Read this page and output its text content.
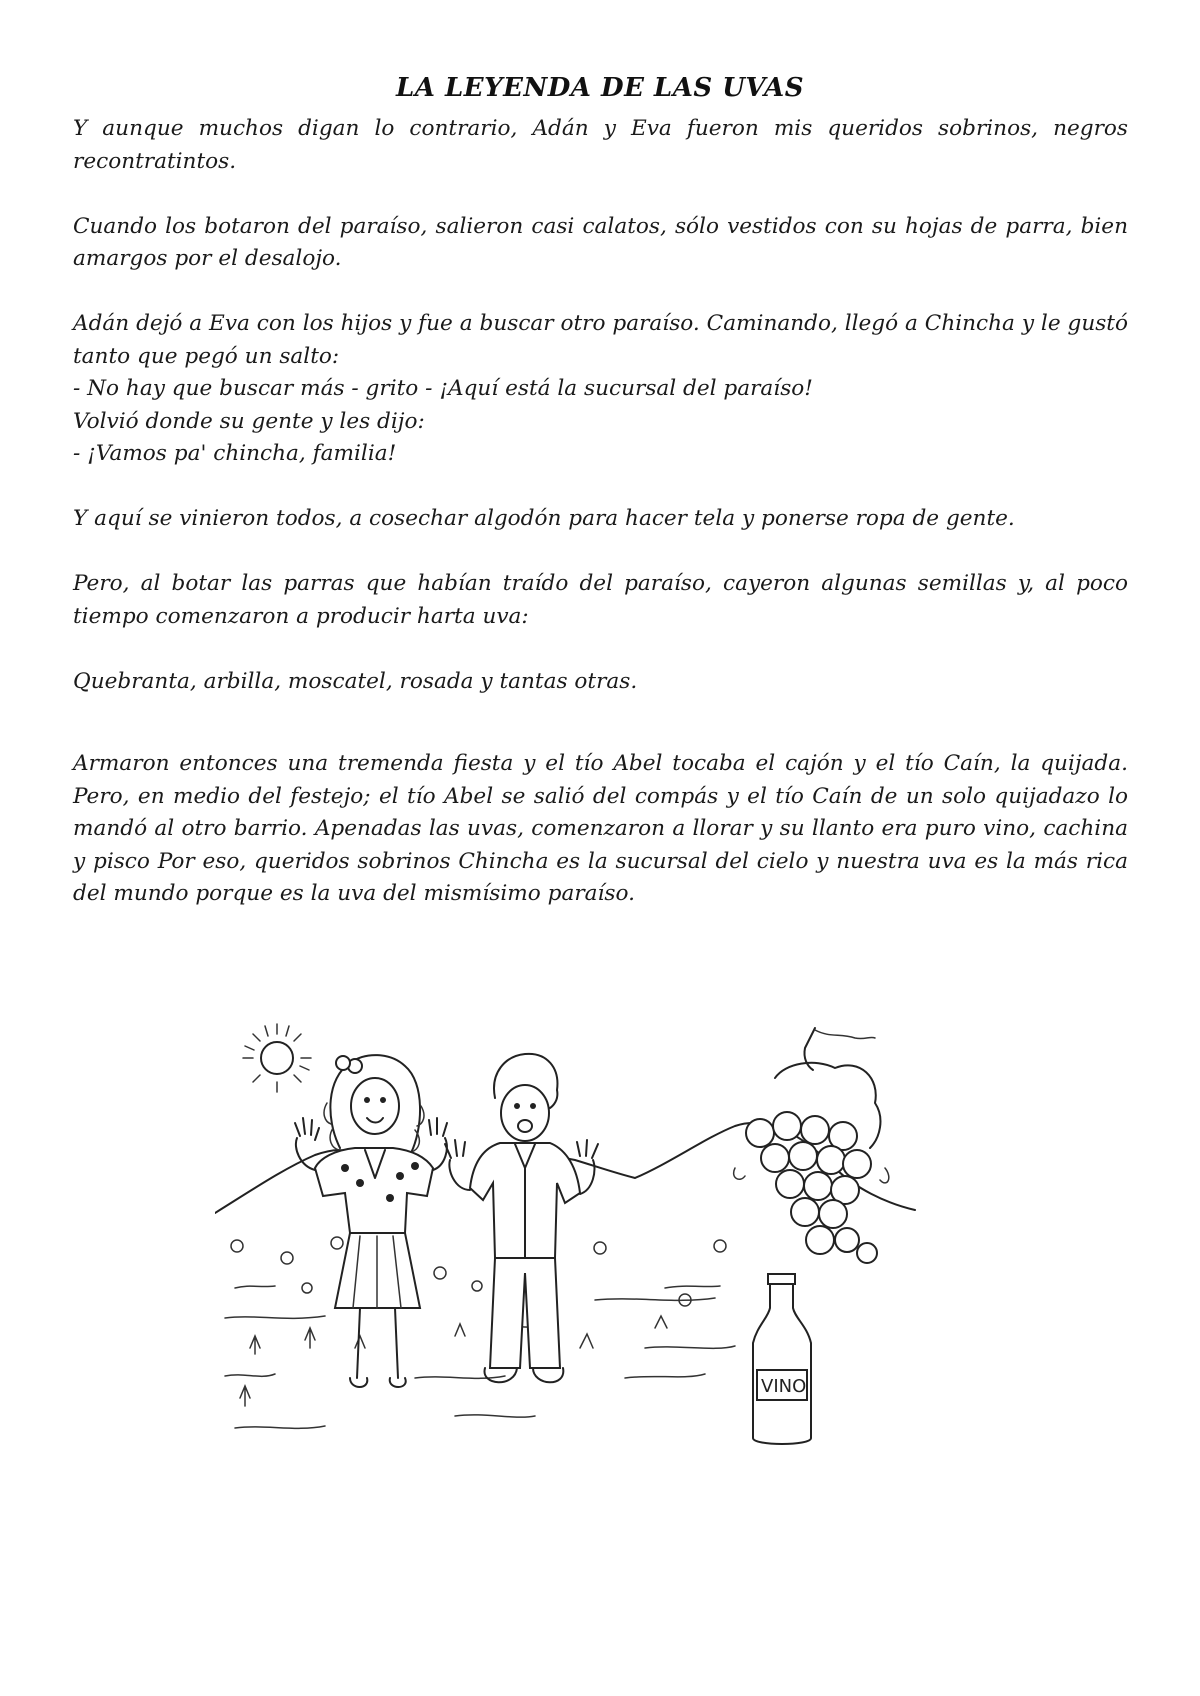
LA LEYENDA DE LAS UVAS

Y aunque muchos digan lo contrario, Adán y Eva fueron mis queridos sobrinos, negros recontratintos.

Cuando los botaron del paraíso, salieron casi calatos, sólo vestidos con su hojas de parra, bien amargos por el desalojo.

Adán dejó a Eva con los hijos y fue a buscar otro paraíso. Caminando, llegó a Chincha y le gustó tanto que pegó un salto:

- No hay que buscar más - grito - ¡Aquí está la sucursal del paraíso!

Volvió donde su gente y les dijo:

- ¡Vamos pa' chincha, familia!

Y aquí se vinieron todos, a cosechar algodón para hacer tela y ponerse ropa de gente.

Pero, al botar las parras que habían traído del paraíso, cayeron algunas semillas y, al poco tiempo comenzaron a producir harta uva:

Quebranta, arbilla, moscatel, rosada y tantas otras.

Armaron entonces una tremenda fiesta y el tío Abel tocaba el cajón y el tío Caín, la quijada. Pero, en medio del festejo; el tío Abel se salió del compás y el tío Caín de un solo quijadazo lo mandó al otro barrio. Apenadas las uvas, comenzaron a llorar y su llanto era puro vino, cachina y pisco Por eso, queridos sobrinos Chincha es la sucursal del cielo y nuestra uva es la más rica del mundo porque es la uva del mismísimo paraíso.

VINO
